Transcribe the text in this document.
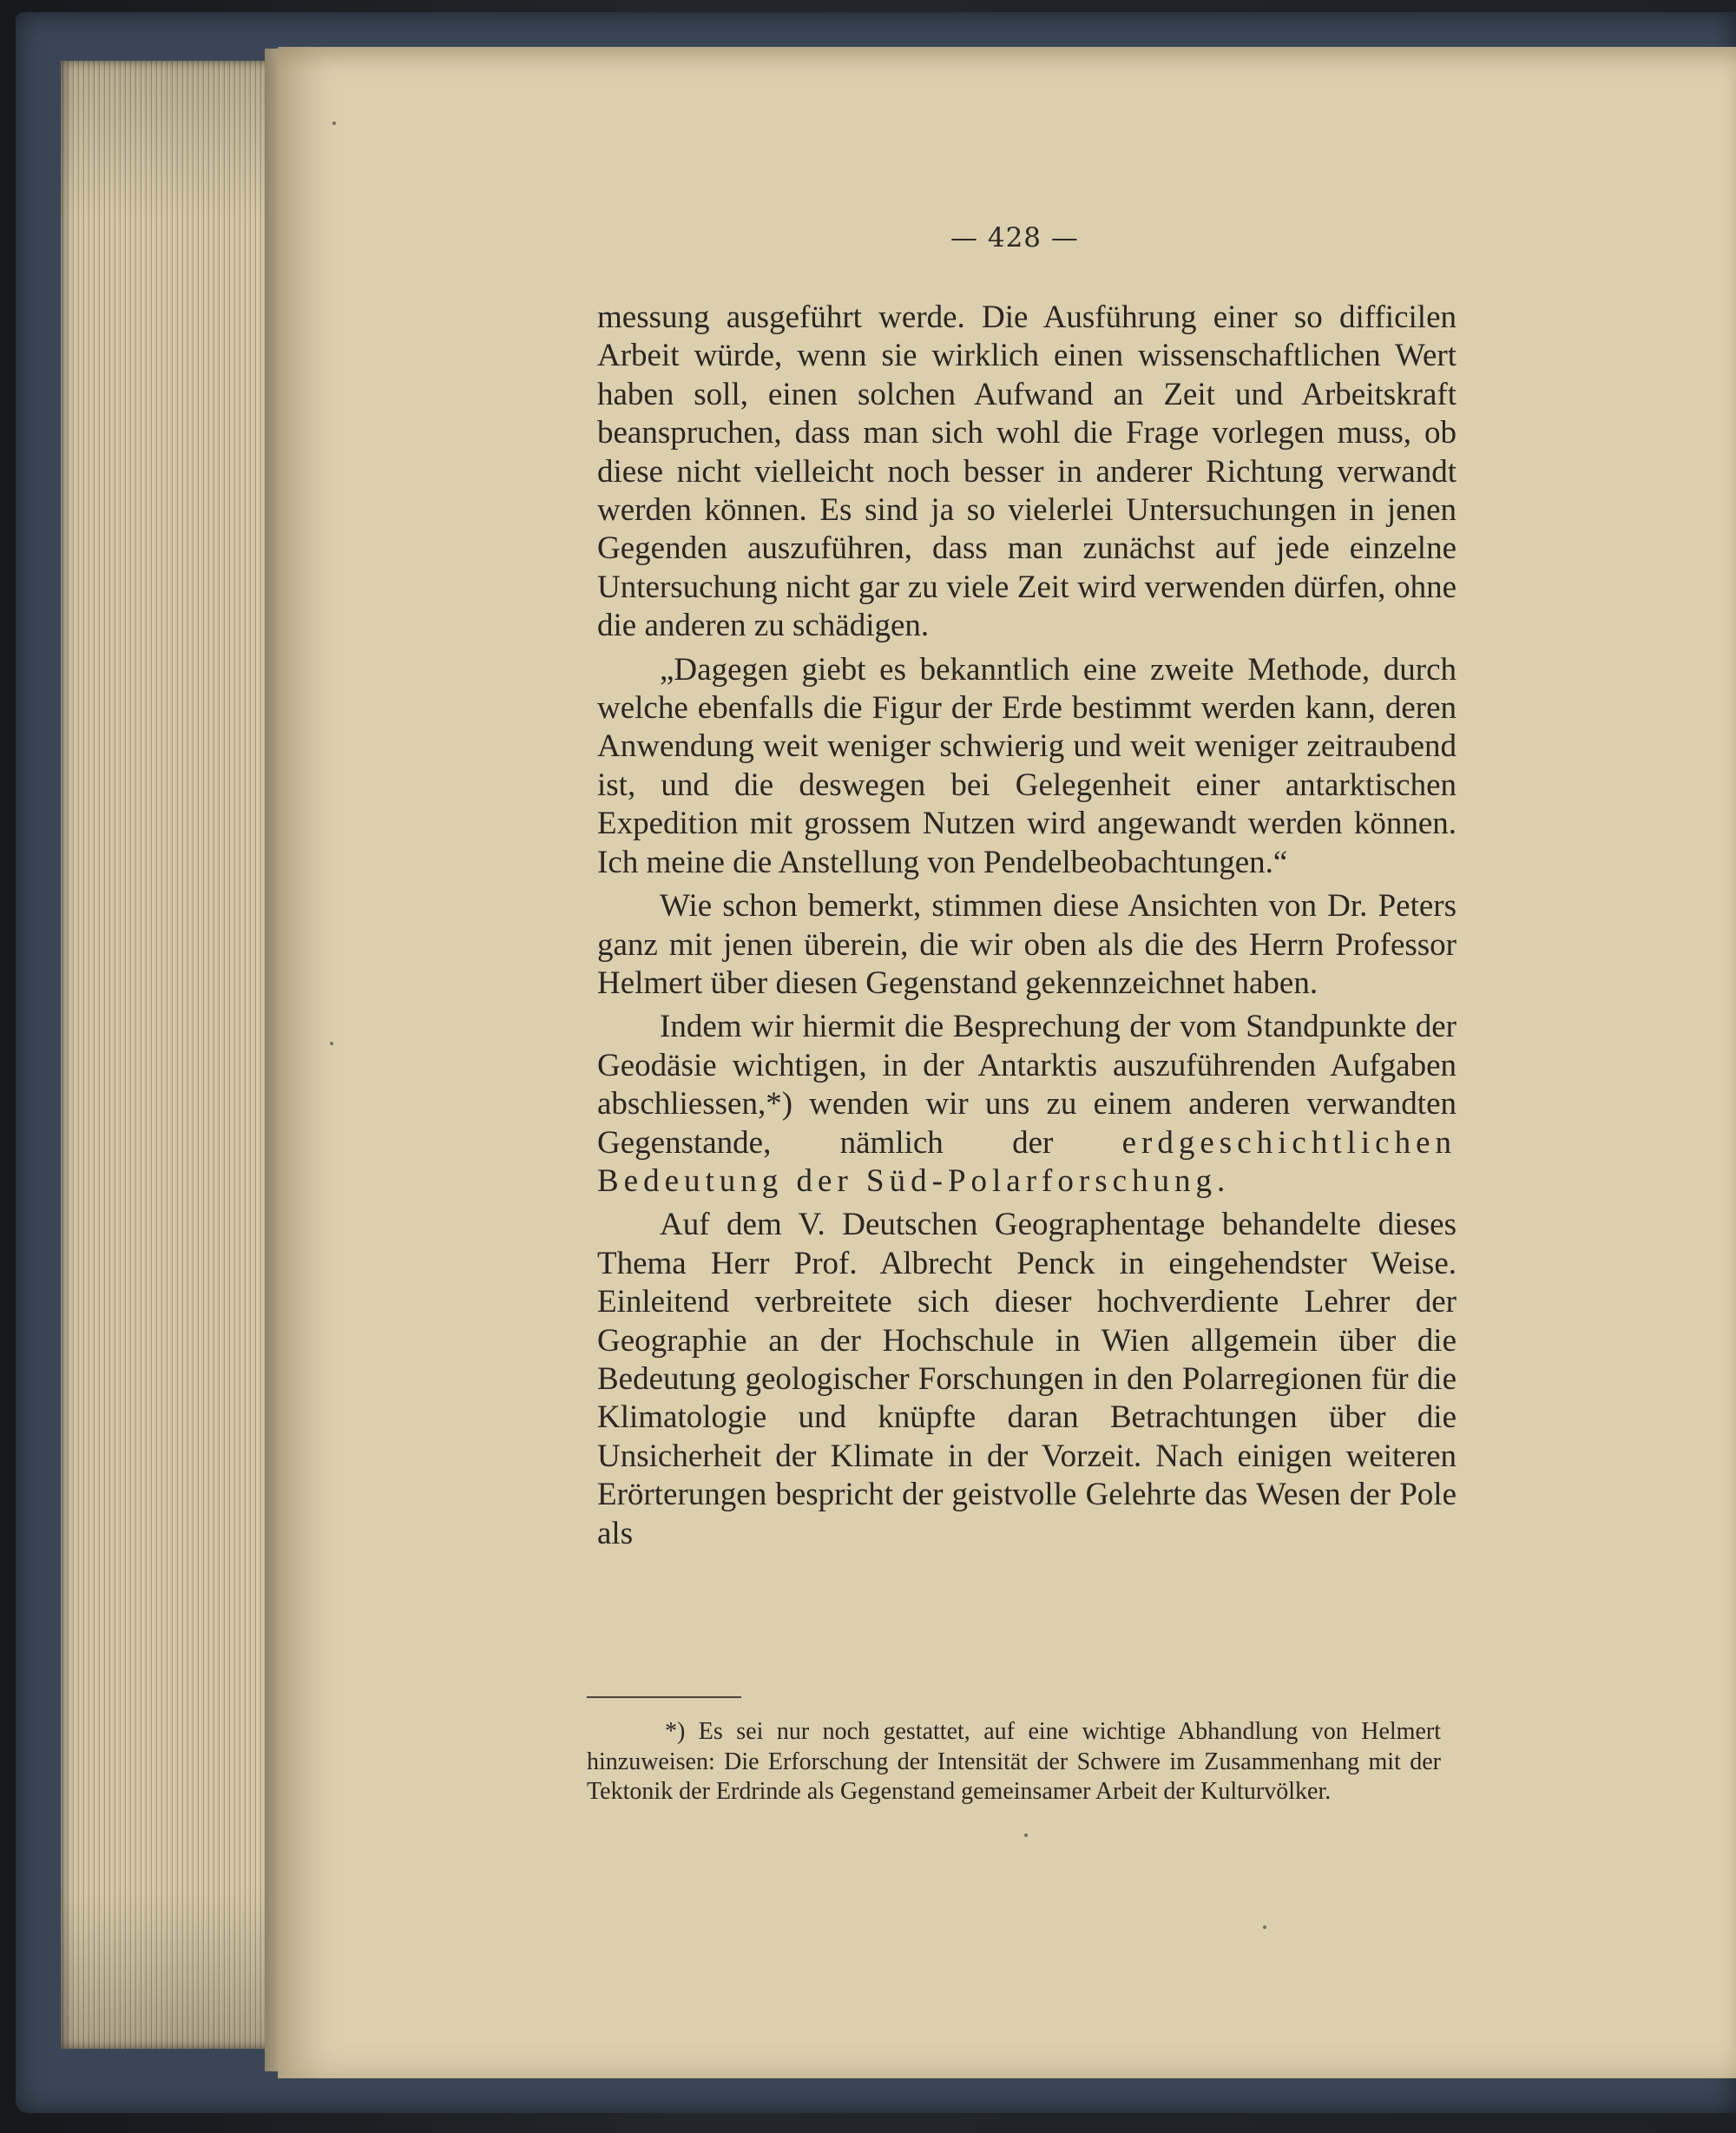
— 428 —

messung ausgeführt werde. Die Ausführung einer so difficilen Arbeit würde, wenn sie wirklich einen wissenschaftlichen Wert haben soll, einen solchen Aufwand an Zeit und Arbeitskraft beanspruchen, dass man sich wohl die Frage vorlegen muss, ob diese nicht vielleicht noch besser in anderer Richtung verwandt werden können. Es sind ja so vielerlei Untersuchungen in jenen Gegenden auszuführen, dass man zunächst auf jede einzelne Untersuchung nicht gar zu viele Zeit wird verwenden dürfen, ohne die anderen zu schädigen.

„Dagegen giebt es bekanntlich eine zweite Methode, durch welche ebenfalls die Figur der Erde bestimmt werden kann, deren Anwendung weit weniger schwierig und weit weniger zeitraubend ist, und die deswegen bei Gelegenheit einer antarktischen Expedition mit grossem Nutzen wird angewandt werden können. Ich meine die Anstellung von Pendelbeobachtungen.“

Wie schon bemerkt, stimmen diese Ansichten von Dr. Peters ganz mit jenen überein, die wir oben als die des Herrn Professor Helmert über diesen Gegenstand gekennzeichnet haben.

Indem wir hiermit die Besprechung der vom Standpunkte der Geodäsie wichtigen, in der Antarktis auszuführenden Aufgaben abschliessen,*) wenden wir uns zu einem anderen verwandten Gegenstande, nämlich der erdgeschichtlichen Bedeutung der Süd-Polarforschung.

Auf dem V. Deutschen Geographentage behandelte dieses Thema Herr Prof. Albrecht Penck in eingehendster Weise. Einleitend verbreitete sich dieser hochverdiente Lehrer der Geographie an der Hochschule in Wien allgemein über die Bedeutung geologischer Forschungen in den Polarregionen für die Klimatologie und knüpfte daran Betrachtungen über die Unsicherheit der Klimate in der Vorzeit. Nach einigen weiteren Erörterungen bespricht der geistvolle Gelehrte das Wesen der Pole als

*) Es sei nur noch gestattet, auf eine wichtige Abhandlung von Helmert hinzuweisen: Die Erforschung der Intensität der Schwere im Zusammenhang mit der Tektonik der Erdrinde als Gegenstand gemeinsamer Arbeit der Kulturvölker.
